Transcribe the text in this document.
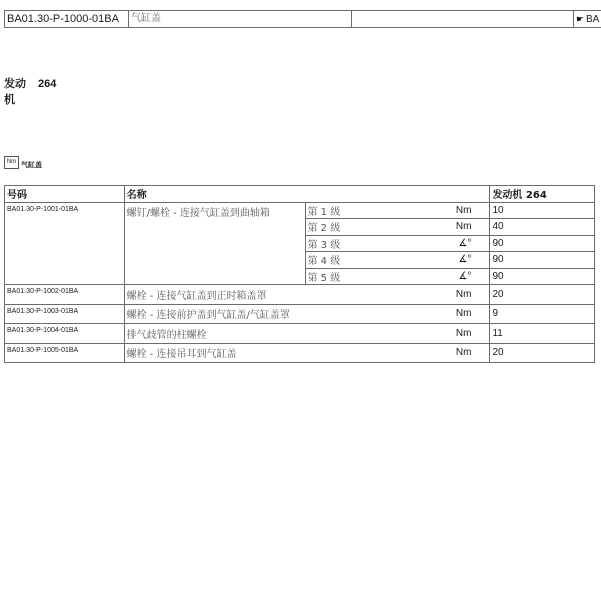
BA01.30-P-1000-01BA	气缸盖	☛ BA
发动
机
264
Nm 气缸盖
号码	名称			发动机 264
BA01.30-P-1001-01BA	螺钉/螺栓 - 连接气缸盖到曲轴箱	第 1 级	Nm	10
		第 2 级	Nm	40
		第 3 级	∡°	90
		第 4 级	∡°	90
		第 5 级	∡°	90
BA01.30-P-1002-01BA	螺栓 - 连接气缸盖到正时箱盖罩		Nm	20
BA01.30-P-1003-01BA	螺栓 - 连接前护盖到气缸盖/气缸盖罩		Nm	9
BA01.30-P-1004-01BA	排气歧管的柱螺栓		Nm	11
BA01.30-P-1005-01BA	螺栓 - 连接吊耳到气缸盖		Nm	20
